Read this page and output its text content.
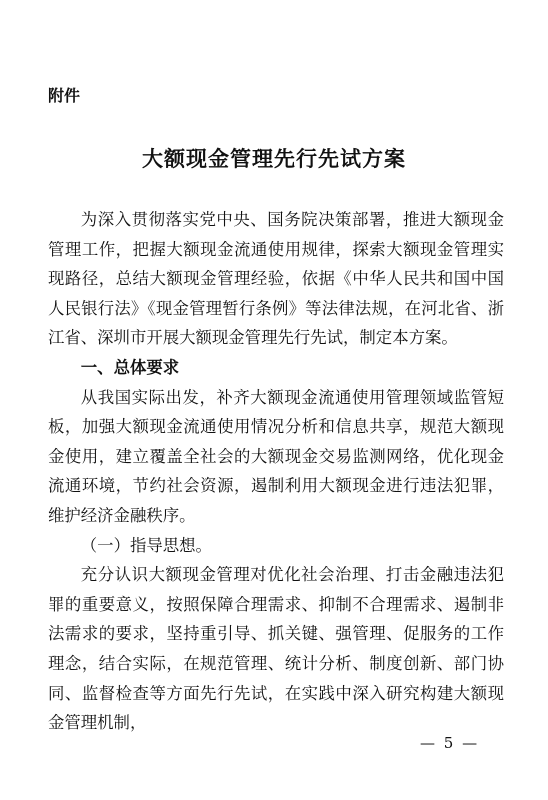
附件
大额现金管理先行先试方案

为深入贯彻落实党中央、国务院决策部署，推进大额现金管理工作，把握大额现金流通使用规律，探索大额现金管理实现路径，总结大额现金管理经验，依据《中华人民共和国中国人民银行法》《现金管理暂行条例》等法律法规，在河北省、浙江省、深圳市开展大额现金管理先行先试，制定本方案。

一、总体要求

从我国实际出发，补齐大额现金流通使用管理领域监管短板，加强大额现金流通使用情况分析和信息共享，规范大额现金使用，建立覆盖全社会的大额现金交易监测网络，优化现金流通环境，节约社会资源，遏制利用大额现金进行违法犯罪，维护经济金融秩序。

（一）指导思想。

充分认识大额现金管理对优化社会治理、打击金融违法犯罪的重要意义，按照保障合理需求、抑制不合理需求、遏制非法需求的要求，坚持重引导、抓关键、强管理、促服务的工作理念，结合实际，在规范管理、统计分析、制度创新、部门协同、监督检查等方面先行先试，在实践中深入研究构建大额现金管理机制，

— 5 —
